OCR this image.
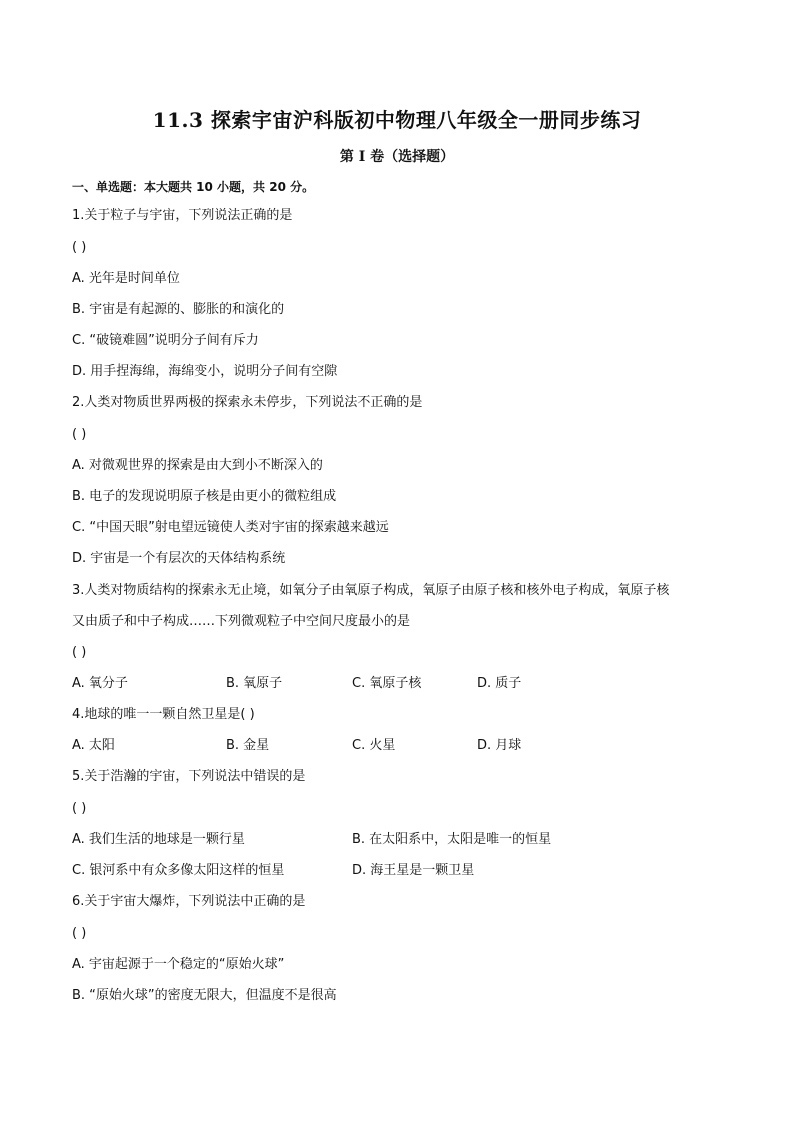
11.3 探索宇宙沪科版初中物理八年级全一册同步练习
第 I 卷（选择题）
一、单选题：本大题共 10 小题，共 20 分。
1.关于粒子与宇宙，下列说法正确的是
( )
A. 光年是时间单位
B. 宇宙是有起源的、膨胀的和演化的
C. “破镜难圆”说明分子间有斥力
D. 用手捏海绵，海绵变小，说明分子间有空隙
2.人类对物质世界两极的探索永未停步，下列说法不正确的是
( )
A. 对微观世界的探索是由大到小不断深入的
B. 电子的发现说明原子核是由更小的微粒组成
C. “中国天眼”射电望远镜使人类对宇宙的探索越来越远
D. 宇宙是一个有层次的天体结构系统
3.人类对物质结构的探索永无止境，如氧分子由氧原子构成，氧原子由原子核和核外电子构成，氧原子核
又由质子和中子构成……下列微观粒子中空间尺度最小的是
( )
A. 氧分子	B. 氧原子	C. 氧原子核	D. 质子
4.地球的唯一一颗自然卫星是( )
A. 太阳	B. 金星	C. 火星	D. 月球
5.关于浩瀚的宇宙，下列说法中错误的是
( )
A. 我们生活的地球是一颗行星	B. 在太阳系中，太阳是唯一的恒星
C. 银河系中有众多像太阳这样的恒星	D. 海王星是一颗卫星
6.关于宇宙大爆炸，下列说法中正确的是
( )
A. 宇宙起源于一个稳定的“原始火球”
B. “原始火球”的密度无限大，但温度不是很高
